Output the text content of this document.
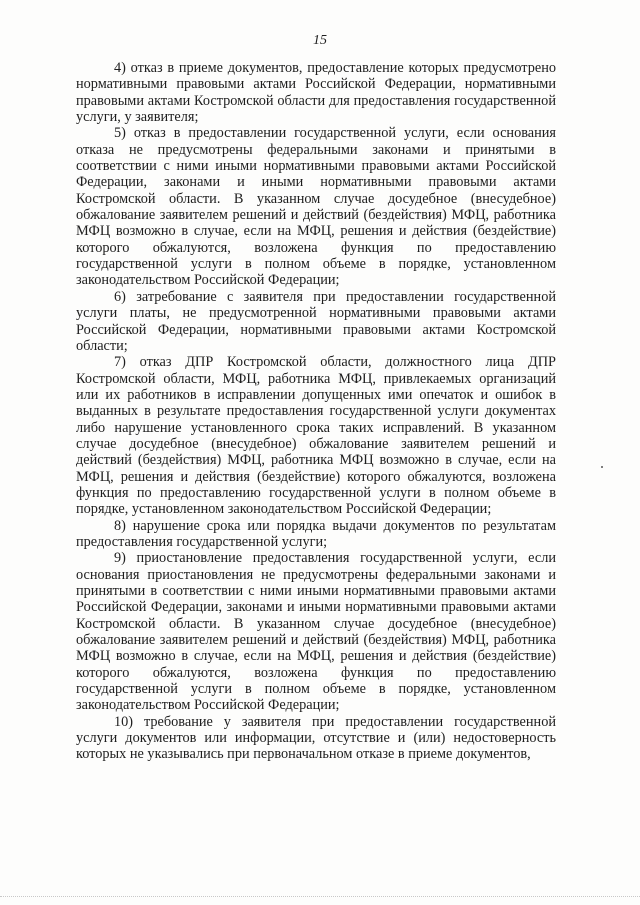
15

4) отказ в приеме документов, предоставление которых предусмотрено нормативными правовыми актами Российской Федерации, нормативными правовыми актами Костромской области для предоставления государственной услуги, у заявителя;

5) отказ в предоставлении государственной услуги, если основания отказа не предусмотрены федеральными законами и принятыми в соответствии с ними иными нормативными правовыми актами Российской Федерации, законами и иными нормативными правовыми актами Костромской области. В указанном случае досудебное (внесудебное) обжалование заявителем решений и действий (бездействия) МФЦ, работника МФЦ возможно в случае, если на МФЦ, решения и действия (бездействие) которого обжалуются, возложена функция по предоставлению государственной услуги в полном объеме в порядке, установленном законодательством Российской Федерации;

6) затребование с заявителя при предоставлении государственной услуги платы, не предусмотренной нормативными правовыми актами Российской Федерации, нормативными правовыми актами Костромской области;

7) отказ ДПР Костромской области, должностного лица ДПР Костромской области, МФЦ, работника МФЦ, привлекаемых организаций или их работников в исправлении допущенных ими опечаток и ошибок в выданных в результате предоставления государственной услуги документах либо нарушение установленного срока таких исправлений. В указанном случае досудебное (внесудебное) обжалование заявителем решений и действий (бездействия) МФЦ, работника МФЦ возможно в случае, если на МФЦ, решения и действия (бездействие) которого обжалуются, возложена функция по предоставлению государственной услуги в полном объеме в порядке, установленном законодательством Российской Федерации;

8) нарушение срока или порядка выдачи документов по результатам предоставления государственной услуги;

9) приостановление предоставления государственной услуги, если основания приостановления не предусмотрены федеральными законами и принятыми в соответствии с ними иными нормативными правовыми актами Российской Федерации, законами и иными нормативными правовыми актами Костромской области. В указанном случае досудебное (внесудебное) обжалование заявителем решений и действий (бездействия) МФЦ, работника МФЦ возможно в случае, если на МФЦ, решения и действия (бездействие) которого обжалуются, возложена функция по предоставлению государственной услуги в полном объеме в порядке, установленном законодательством Российской Федерации;

10) требование у заявителя при предоставлении государственной услуги документов или информации, отсутствие и (или) недостоверность которых не указывались при первоначальном отказе в приеме документов,
